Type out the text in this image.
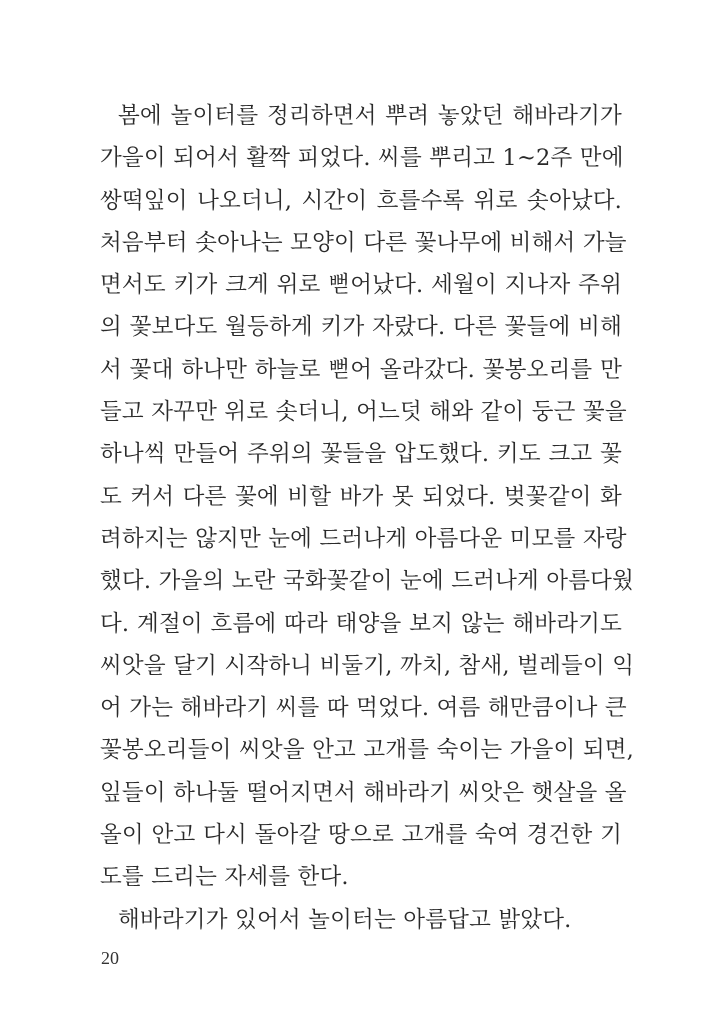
봄에 놀이터를 정리하면서 뿌려 놓았던 해바라기가
가을이 되어서 활짝 피었다. 씨를 뿌리고 1~2주 만에
쌍떡잎이 나오더니, 시간이 흐를수록 위로 솟아났다.
처음부터 솟아나는 모양이 다른 꽃나무에 비해서 가늘
면서도 키가 크게 위로 뻗어났다. 세월이 지나자 주위
의 꽃보다도 월등하게 키가 자랐다. 다른 꽃들에 비해
서 꽃대 하나만 하늘로 뻗어 올라갔다. 꽃봉오리를 만
들고 자꾸만 위로 솟더니, 어느덧 해와 같이 둥근 꽃을
하나씩 만들어 주위의 꽃들을 압도했다. 키도 크고 꽃
도 커서 다른 꽃에 비할 바가 못 되었다. 벚꽃같이 화
려하지는 않지만 눈에 드러나게 아름다운 미모를 자랑
했다. 가을의 노란 국화꽃같이 눈에 드러나게 아름다웠
다. 계절이 흐름에 따라 태양을 보지 않는 해바라기도
씨앗을 달기 시작하니 비둘기, 까치, 참새, 벌레들이 익
어 가는 해바라기 씨를 따 먹었다. 여름 해만큼이나 큰
꽃봉오리들이 씨앗을 안고 고개를 숙이는 가을이 되면,
잎들이 하나둘 떨어지면서 해바라기 씨앗은 햇살을 올
올이 안고 다시 돌아갈 땅으로 고개를 숙여 경건한 기
도를 드리는 자세를 한다.
해바라기가 있어서 놀이터는 아름답고 밝았다.
20
